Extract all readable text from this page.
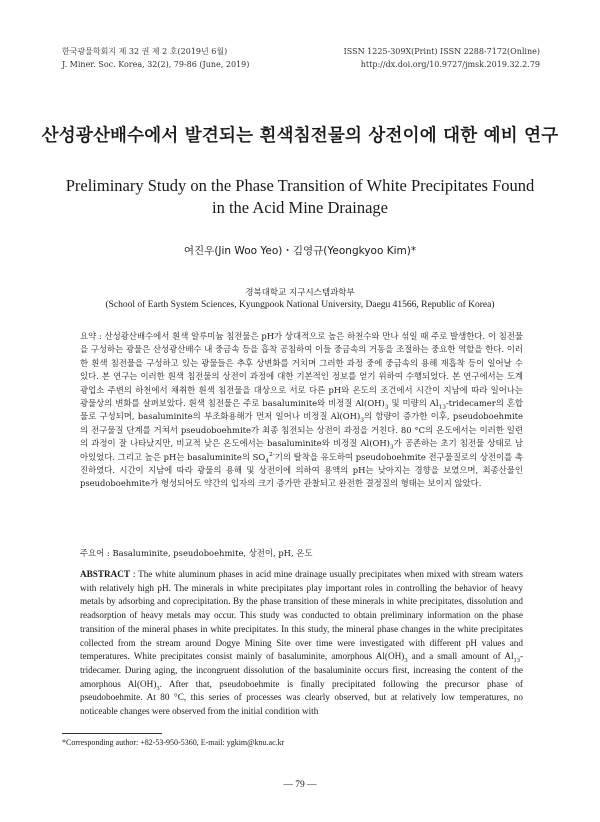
한국광물학회지 제 32 권 제 2 호(2019년 6월)
J. Miner. Soc. Korea, 32(2), 79-86 (June, 2019)
ISSN 1225-309X(Print) ISSN 2288-7172(Online)
http://dx.doi.org/10.9727/jmsk.2019.32.2.79
산성광산배수에서 발견되는 흰색침전물의 상전이에 대한 예비 연구
Preliminary Study on the Phase Transition of White Precipitates Found
in the Acid Mine Drainage
여진우(Jin Woo Yeo)・김영규(Yeongkyoo Kim)*
경북대학교 지구시스템과학부
(School of Earth System Sciences, Kyungpook National University, Daegu 41566, Republic of Korea)
요약 : 산성광산배수에서 흰색 알루미늄 침전물은 pH가 상대적으로 높은 하천수와 만나 섞일 때 주로 발생한다. 이 침전물을 구성하는 광물은 산성광산배수 내 중금속 등을 흡착 공침하여 이들 중금속의 거동을 조절하는 중요한 역할을 한다. 이러한 흰색 침전물을 구성하고 있는 광물들은 추후 상변화를 거치며 그러한 과정 중에 중금속의 용해 재흡착 등이 일어날 수 있다. 본 연구는 이러한 흰색 침전물의 상전이 과정에 대한 기본적인 정보를 얻기 위하여 수행되었다. 본 연구에서는 도계광업소 주변의 하천에서 채취한 흰색 침전물을 대상으로 서로 다른 pH와 온도의 조건에서 시간이 지남에 따라 일어나는 광물상의 변화를 살펴보았다. 흰색 침전물은 주로 basaluminite와 비정질 $Al(OH)_3$ 및 미량의 $Al_{13}$-tridecamer의 혼합물로 구성되며, basaluminite의 부조화용해가 먼저 일어나 비정질 $Al(OH)_3$의 함량이 증가한 이후, pseudoboehmite의 전구물질 단계를 거쳐서 pseudoboehmite가 최종 침전되는 상전이 과정을 거친다. 80 °C의 온도에서는 이러한 일련의 과정이 잘 나타났지만, 비교적 낮은 온도에서는 basaluminite와 비정질 $Al(OH)_3$가 공존하는 초기 침전물 상태로 남아있었다. 그리고 높은 pH는 basaluminite의 $SO_4^{2-}$기의 탈착을 유도하여 pseudoboehmite 전구물질로의 상전이를 촉진하였다. 시간이 지남에 따라 광물의 용해 및 상전이에 의하여 용액의 pH는 낮아지는 경향을 보였으며, 최종산물인 pseudoboehmite가 형성되어도 약간의 입자의 크기 증가만 관찰되고 완전한 결정질의 형태는 보이지 않았다.
주요어 : Basaluminite, pseudoboehmite, 상전이, pH, 온도
ABSTRACT : The white aluminum phases in acid mine drainage usually precipitates when mixed with stream waters with relatively high pH. The minerals in white precipitates play important roles in controlling the behavior of heavy metals by adsorbing and coprecipitation. By the phase transition of these minerals in white precipitates, dissolution and readsorption of heavy metals may occur. This study was conducted to obtain preliminary information on the phase transition of the mineral phases in white precipitates. In this study, the mineral phase changes in the white precipitates collected from the stream around Dogye Mining Site over time were investigated with different pH values and temperatures. White precipitates consist mainly of basaluminite, amorphous $Al(OH)_3$ and a small amount of $Al_{13}$-tridecamer. During aging, the incongruent dissolution of the basaluminite occurs first, increasing the content of the amorphous $Al(OH)_3$. After that, pseudoboehmite is finally precipitated following the precursor phase of pseudoboehmite. At 80 °C, this series of processes was clearly observed, but at relatively low temperatures, no noticeable changes were observed from the initial condition with
*Corresponding author: +82-53-950-5360, E-mail: ygkim@knu.ac.kr
― 79 ―
